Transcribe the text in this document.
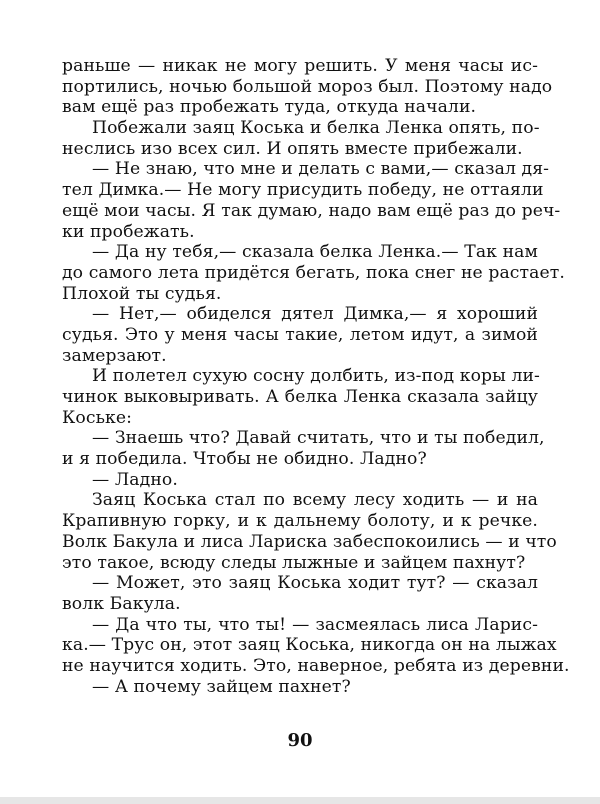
раньше — никак не могу решить. У меня часы ис-
портились, ночью большой мороз был. Поэтому надо
вам ещё раз пробежать туда, откуда начали.
Побежали заяц Коська и белка Ленка опять, по-
неслись изо всех сил. И опять вместе прибежали.
— Не знаю, что мне и делать с вами,— сказал дя-
тел Димка.— Не могу присудить победу, не оттаяли
ещё мои часы. Я так думаю, надо вам ещё раз до реч-
ки пробежать.
— Да ну тебя,— сказала белка Ленка.— Так нам
до самого лета придётся бегать, пока снег не растает.
Плохой ты судья.
— Нет,— обиделся дятел Димка,— я хороший
судья. Это у меня часы такие, летом идут, а зимой
замерзают.
И полетел сухую сосну долбить, из-под коры ли-
чинок выковыривать. А белка Ленка сказала зайцу
Коське:
— Знаешь что? Давай считать, что и ты победил,
и я победила. Чтобы не обидно. Ладно?
— Ладно.
Заяц Коська стал по всему лесу ходить — и на
Крапивную горку, и к дальнему болоту, и к речке.
Волк Бакула и лиса Лариска забеспокоились — и что
это такое, всюду следы лыжные и зайцем пахнут?
— Может, это заяц Коська ходит тут? — сказал
волк Бакула.
— Да что ты, что ты! — засмеялась лиса Ларис-
ка.— Трус он, этот заяц Коська, никогда он на лыжах
не научится ходить. Это, наверное, ребята из деревни.
— А почему зайцем пахнет?
90
